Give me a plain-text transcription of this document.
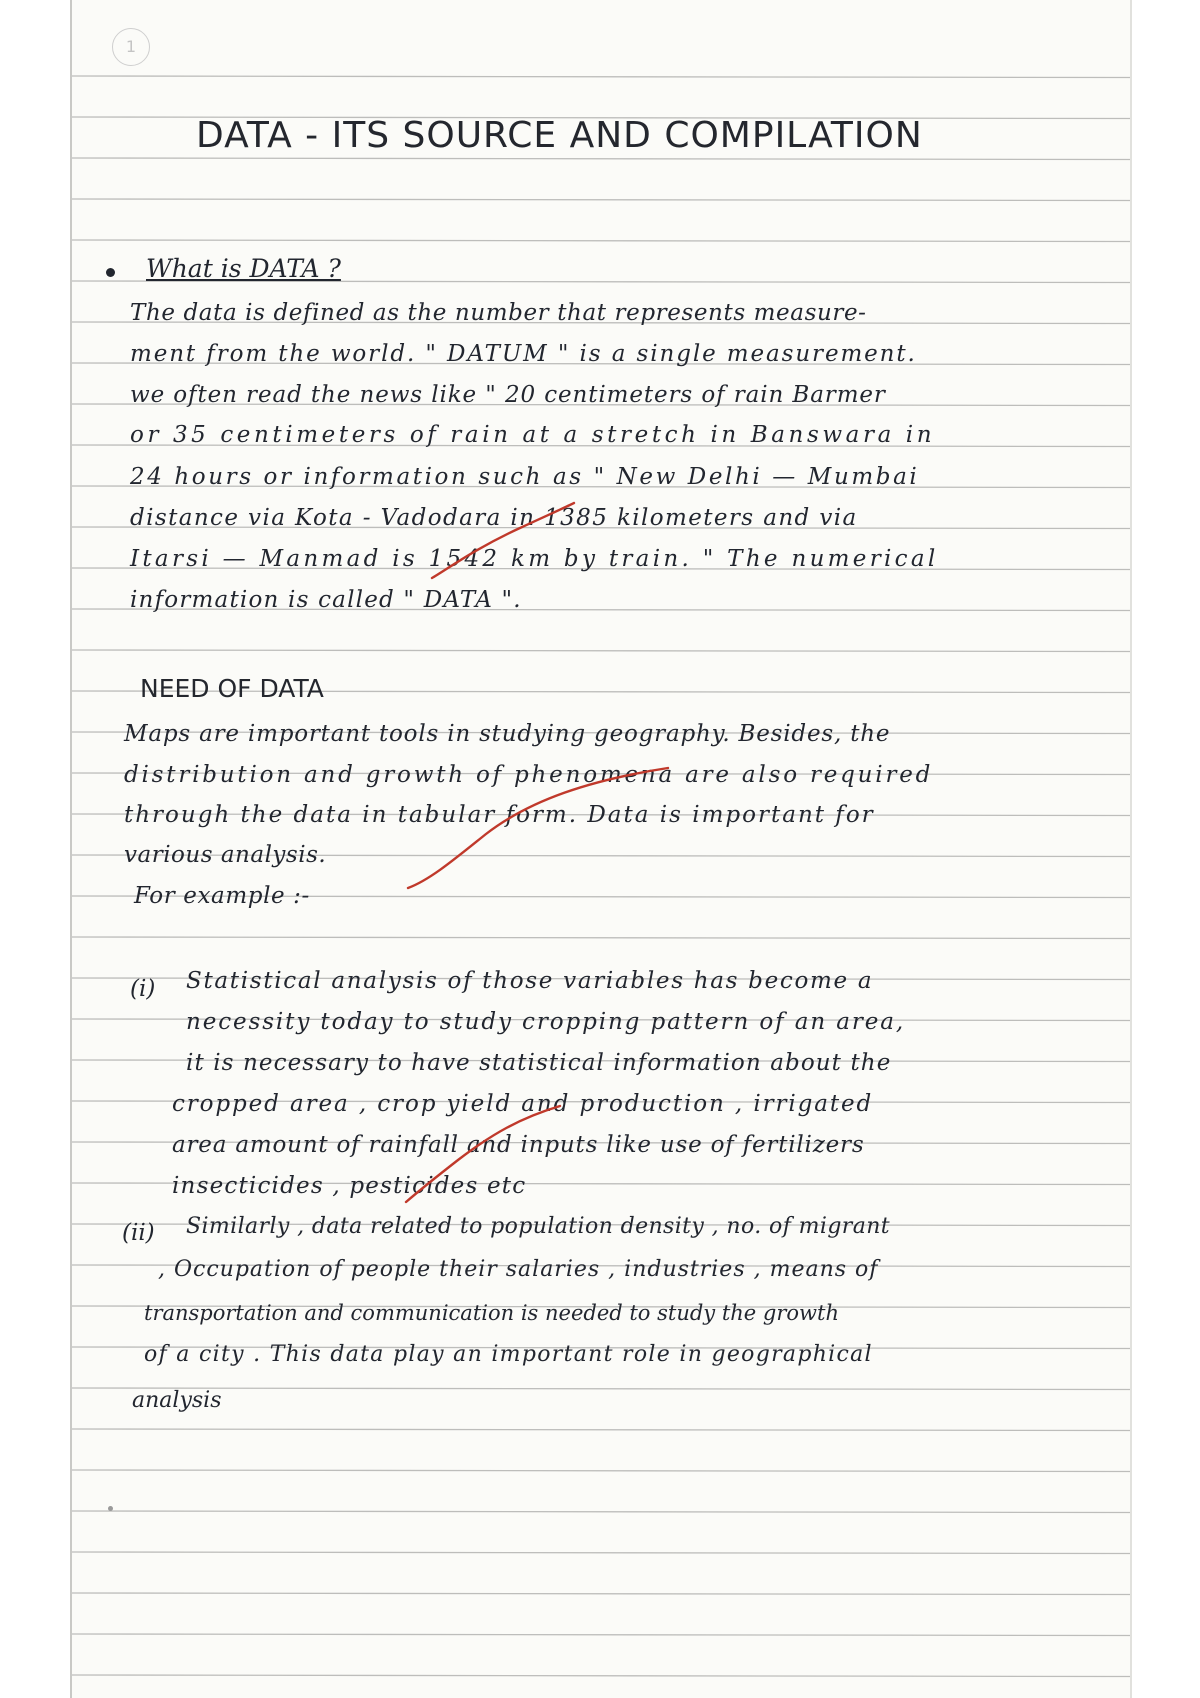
1
DATA - ITS SOURCE AND COMPILATION
What is DATA ?
The data is defined as the number that represents measure-
ment from the world. " DATUM " is a single measurement.
we often read the news like " 20 centimeters of rain Barmer
or 35 centimeters of rain at a stretch in Banswara in
24 hours or information such as " New Delhi — Mumbai
distance via Kota - Vadodara in 1385 kilometers and via
Itarsi — Manmad is 1542 km by train. " The numerical
information is called " DATA ".
NEED OF DATA
Maps are important tools in studying geography. Besides, the
distribution and growth of phenomena are also required
through the data in tabular form. Data is important for
various analysis.
For example :-
(i) Statistical analysis of those variables has become a
necessity today to study cropping pattern of an area,
it is necessary to have statistical information about the
cropped area , crop yield and production , irrigated
area amount of rainfall and inputs like use of fertilizers
insecticides , pesticides etc
(ii) Similarly , data related to population density , no. of migrant
, Occupation of people their salaries , industries , means of
transportation and communication is needed to study the growth
of a city . This data play an important role in geographical
analysis
